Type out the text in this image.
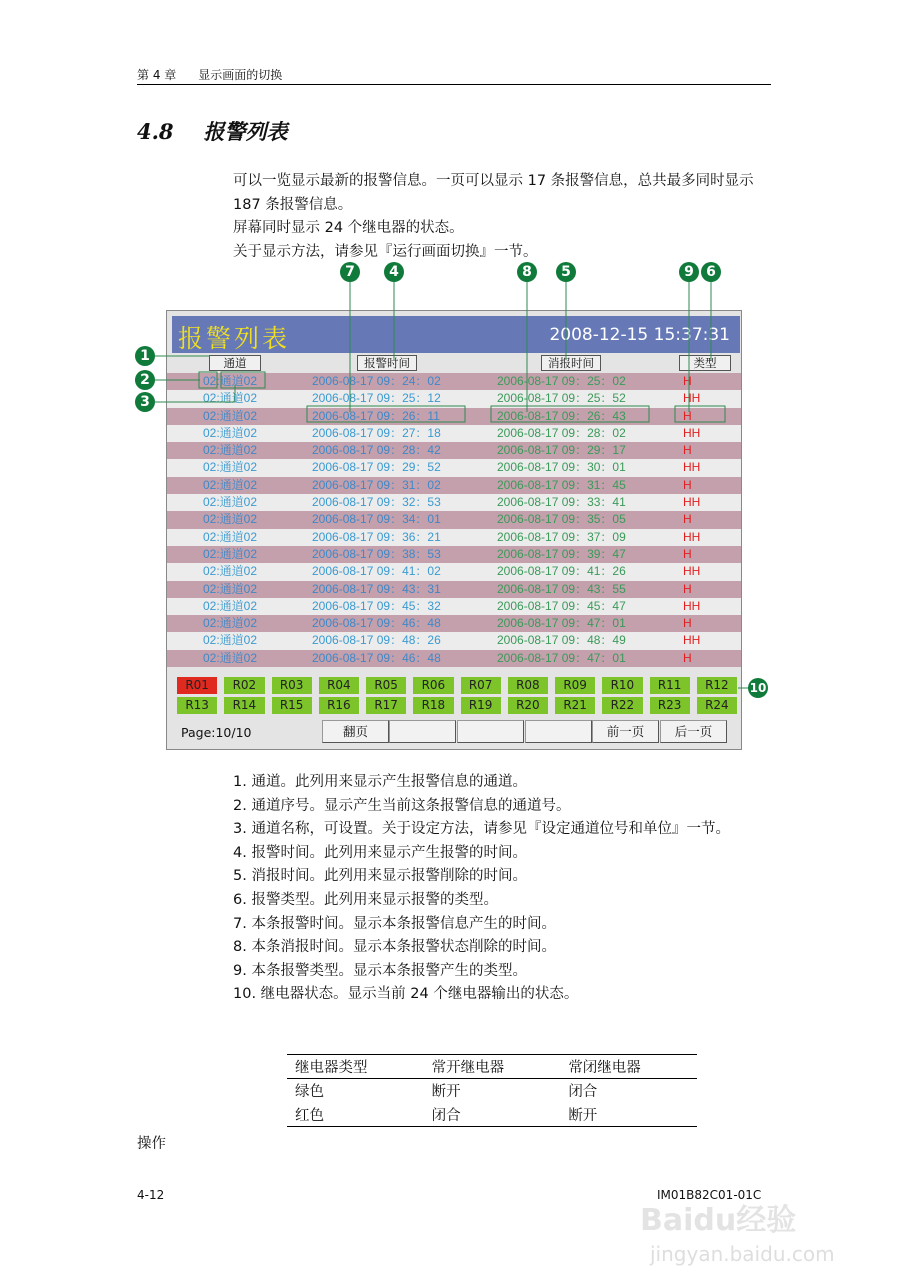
第 4 章 显示画面的切换
4.8 报警列表

可以一览显示最新的报警信息。一页可以显示 17 条报警信息，总共最多同时显示 187 条报警信息。

屏幕同时显示 24 个继电器的状态。

关于显示方法，请参见『运行画面切换』一节。

报警列表	2008-12-15 15:37:31
通道	报警时间	消报时间	类型
02:通道02	2006-08-17 09：24：02	2006-08-17 09：25：02	H
02:通道02	2006-08-17 09：25：12	2006-08-17 09：25：52	HH
02:通道02	2006-08-17 09：26：11	2006-08-17 09：26：43	H
02:通道02	2006-08-17 09：27：18	2006-08-17 09：28：02	HH
02:通道02	2006-08-17 09：28：42	2006-08-17 09：29：17	H
02:通道02	2006-08-17 09：29：52	2006-08-17 09：30：01	HH
02:通道02	2006-08-17 09：31：02	2006-08-17 09：31：45	H
02:通道02	2006-08-17 09：32：53	2006-08-17 09：33：41	HH
02:通道02	2006-08-17 09：34：01	2006-08-17 09：35：05	H
02:通道02	2006-08-17 09：36：21	2006-08-17 09：37：09	HH
02:通道02	2006-08-17 09：38：53	2006-08-17 09：39：47	H
02:通道02	2006-08-17 09：41：02	2006-08-17 09：41：26	HH
02:通道02	2006-08-17 09：43：31	2006-08-17 09：43：55	H
02:通道02	2006-08-17 09：45：32	2006-08-17 09：45：47	HH
02:通道02	2006-08-17 09：46：48	2006-08-17 09：47：01	H
02:通道02	2006-08-17 09：48：26	2006-08-17 09：48：49	HH
02:通道02	2006-08-17 09：46：48	2006-08-17 09：47：01	H
R01	R02	R03	R04	R05	R06	R07	R08	R09	R10	R11	R12
R13	R14	R15	R16	R17	R18	R19	R20	R21	R22	R23	R24
Page:10/10	翻页	前一页	后一页
7	4	8	5	9 6
1
2
3
10
1. 通道。此列用来显示产生报警信息的通道。
2. 通道序号。显示产生当前这条报警信息的通道号。
3. 通道名称，可设置。关于设定方法，请参见『设定通道位号和单位』一节。
4. 报警时间。此列用来显示产生报警的时间。
5. 消报时间。此列用来显示报警削除的时间。
6. 报警类型。此列用来显示报警的类型。
7. 本条报警时间。显示本条报警信息产生的时间。
8. 本条消报时间。显示本条报警状态削除的时间。
9. 本条报警类型。显示本条报警产生的类型。
10. 继电器状态。显示当前 24 个继电器输出的状态。
继电器类型	常开继电器	常闭继电器
绿色	断开	闭合
红色	闭合	断开
操作
4-12	IM01B82C01-01C
Baidu经验
jingyan.baidu.com
